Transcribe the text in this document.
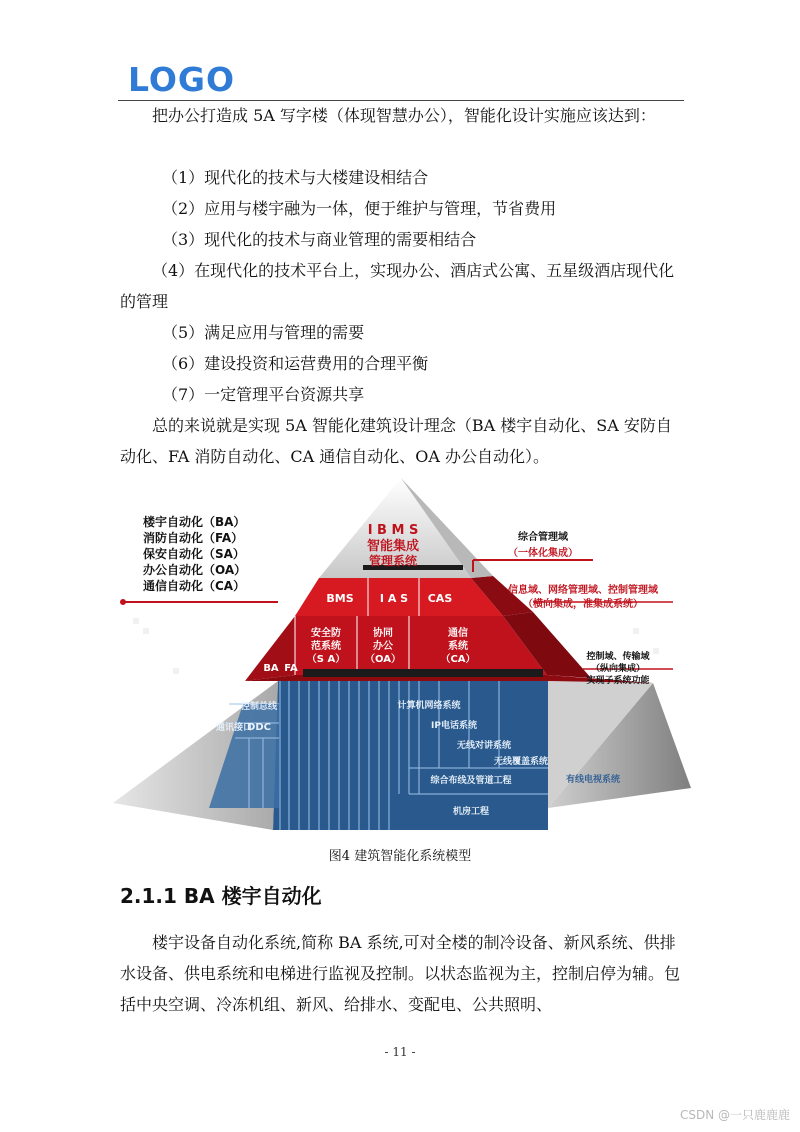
LOGO

把办公打造成 5A 写字楼（体现智慧办公），智能化设计实施应该达到：

（1）现代化的技术与大楼建设相结合

（2）应用与楼宇融为一体，便于维护与管理，节省费用

（3）现代化的技术与商业管理的需要相结合

（4）在现代化的技术平台上，实现办公、酒店式公寓、五星级酒店现代化的管理

（5）满足应用与管理的需要

（6）建设投资和运营费用的合理平衡

（7）一定管理平台资源共享

总的来说就是实现 5A 智能化建筑设计理念（BA 楼宇自动化、SA 安防自动化、FA 消防自动化、CA 通信自动化、OA 办公自动化）。

楼宇自动化（BA）
消防自动化（FA）
保安自动化（SA）
办公自动化（OA）
通信自动化（CA）
I B M S
智能集成
管理系统
BMS I A S CAS
安全防
范系统
（S A）
协同
办公
（OA）
通信
系统
（CA）
BA FA
综合管理域
（一体化集成）
信息域、网络管理域、控制管理域
（横向集成，准集成系统）
控制域、传输域
（纵向集成）
实现子系统功能
控制总线
通讯接口
DDC
综合布线及管道工程
机房工程
有线电视系统
计算机网络系统
IP电话系统
无线对讲系统
无线覆盖系统
图4 建筑智能化系统模型
2.1.1 BA 楼宇自动化

楼宇设备自动化系统,简称 BA 系统,可对全楼的制冷设备、新风系统、供排水设备、供电系统和电梯进行监视及控制。以状态监视为主，控制启停为辅。包括中央空调、冷冻机组、新风、给排水、变配电、公共照明、

- 11 -
CSDN @一只鹿鹿鹿
